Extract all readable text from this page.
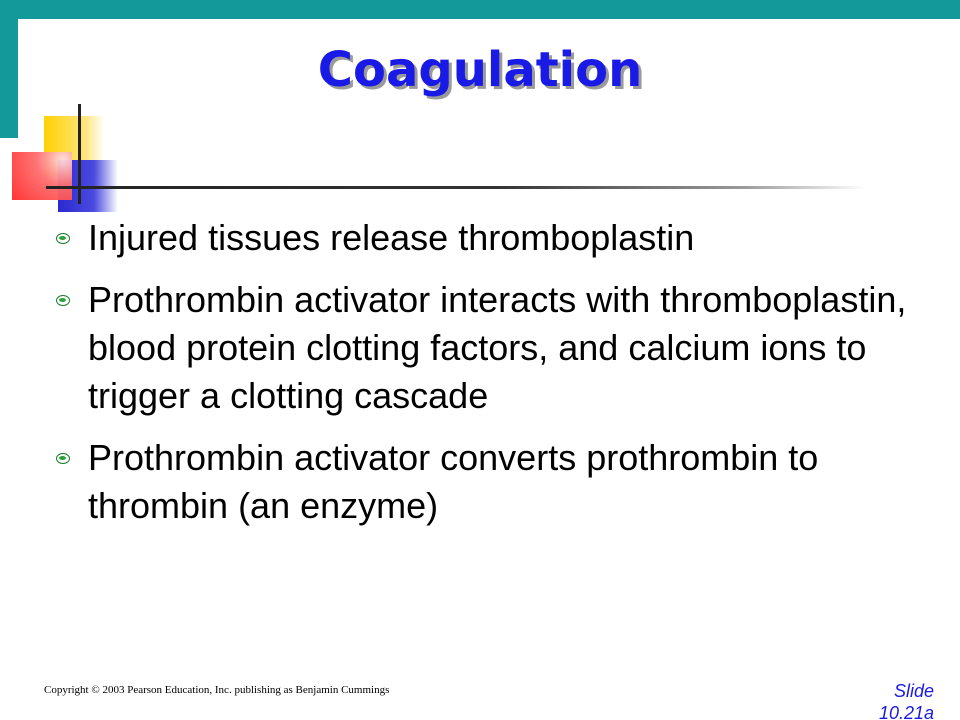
Coagulation
Injured tissues release thromboplastin
Prothrombin activator interacts with thromboplastin, blood protein clotting factors, and calcium ions to trigger a clotting cascade
Prothrombin activator converts prothrombin to thrombin (an enzyme)
Copyright © 2003 Pearson Education, Inc. publishing as Benjamin Cummings	Slide
10.21a
